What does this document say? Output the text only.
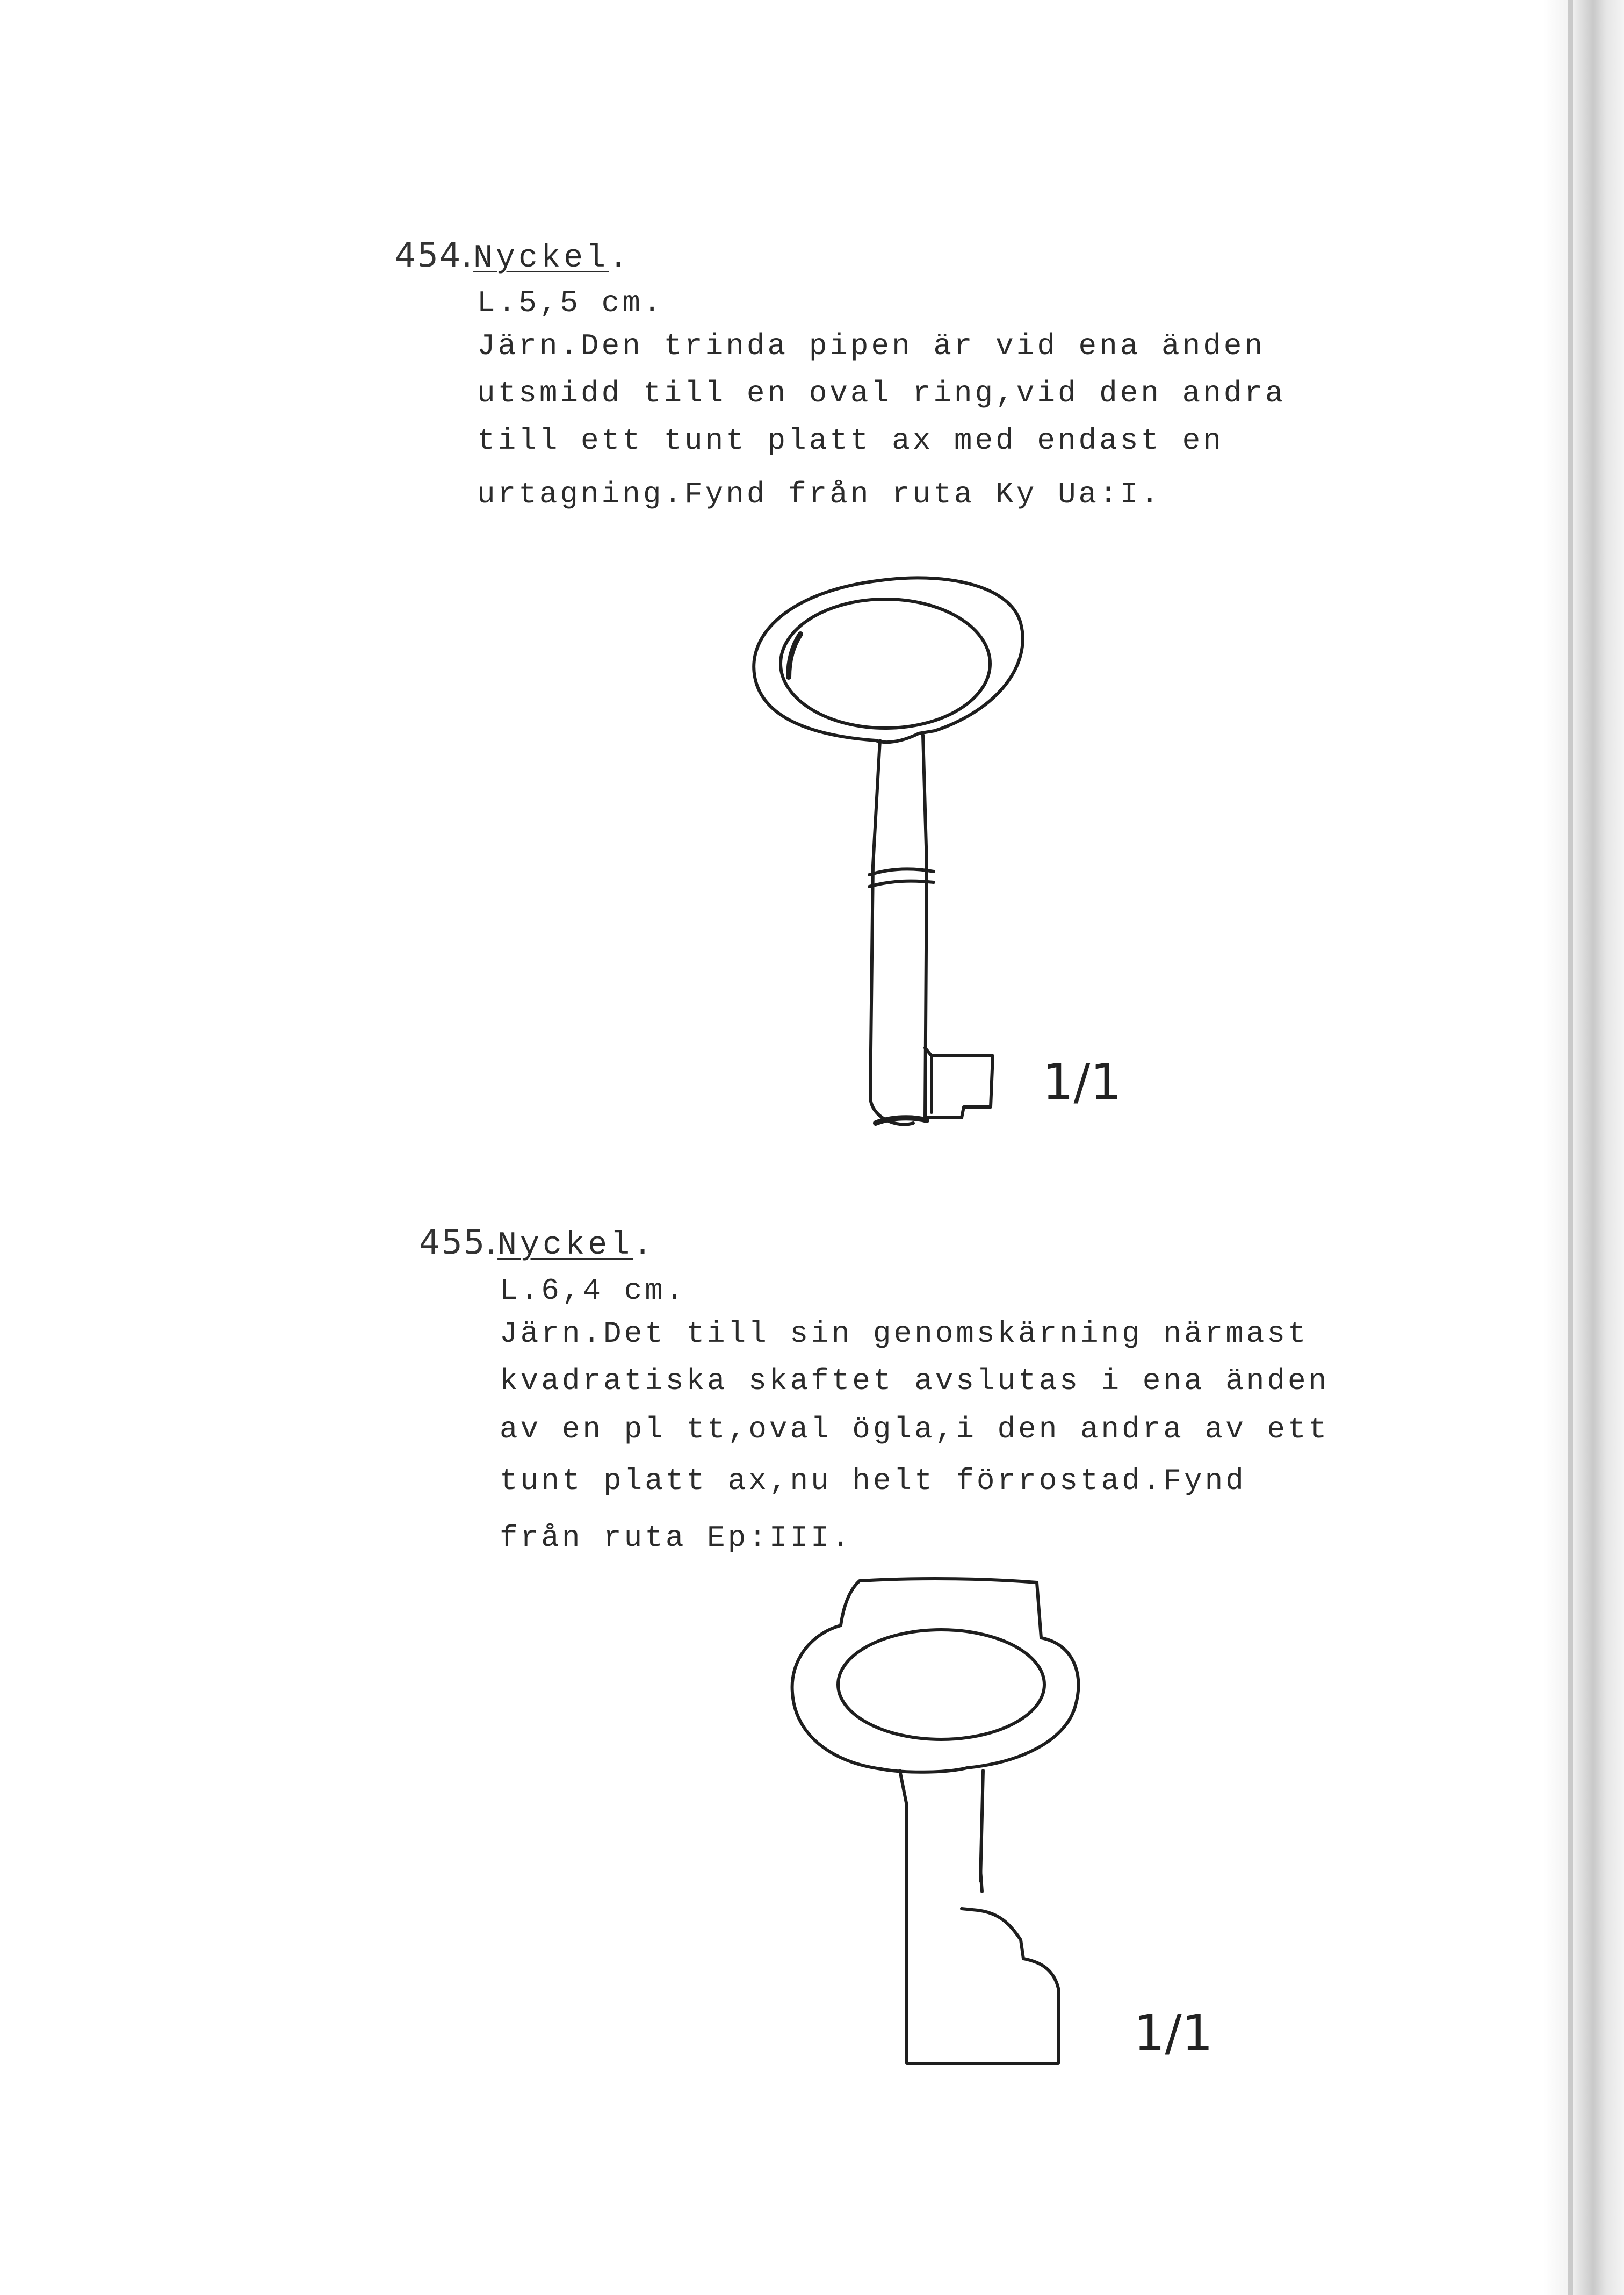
454.Nyckel.
L.5,5 cm.
Järn.Den trinda pipen är vid ena änden
utsmidd till en oval ring,vid den andra
till ett tunt platt ax med endast en
urtagning.Fynd från ruta Ky Ua:I.
1/1
455.Nyckel.
L.6,4 cm.
Järn.Det till sin genomskärning närmast
kvadratiska skaftet avslutas i ena änden
av en pl tt,oval ögla,i den andra av ett
tunt platt ax,nu helt förrostad.Fynd
från ruta Ep:III.
1/1
